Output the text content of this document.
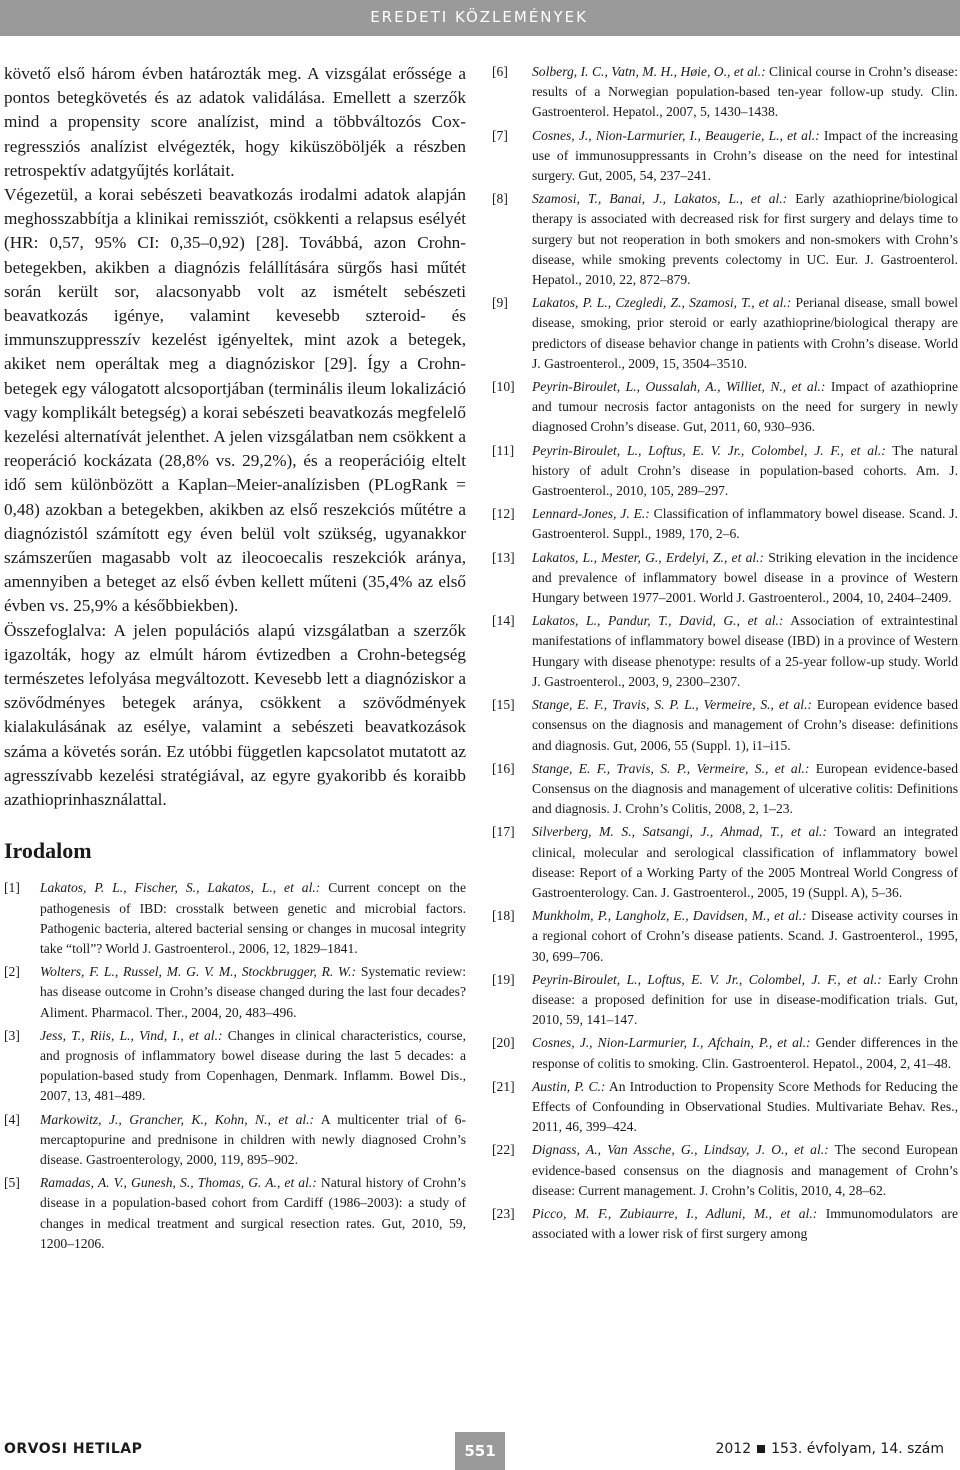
EREDETI KÖZLEMÉNYEK

követő első három évben határozták meg. A vizsgálat erőssége a pontos betegkövetés és az adatok validálása. Emellett a szerzők mind a propensity score analízist, mind a többváltozós Cox-regressziós analízist elvégezték, hogy kiküszöböljék a részben retrospektív adatgyűjtés korlátait.

Végezetül, a korai sebészeti beavatkozás irodalmi adatok alapján meghosszabbítja a klinikai remissziót, csökkenti a relapsus esélyét (HR: 0,57, 95% CI: 0,35–0,92) [28]. Továbbá, azon Crohn-betegekben, akikben a diagnózis felállítására sürgős hasi műtét során került sor, alacsonyabb volt az ismételt sebészeti beavatkozás igénye, valamint kevesebb szteroid- és immunszuppresszív kezelést igényeltek, mint azok a betegek, akiket nem operáltak meg a diagnóziskor [29]. Így a Crohn-betegek egy válogatott alcsoportjában (terminális ileum lokalizáció vagy komplikált betegség) a korai sebészeti beavatkozás megfelelő kezelési alternatívát jelenthet. A jelen vizsgálatban nem csökkent a reoperáció kockázata (28,8% vs. 29,2%), és a reoperációig eltelt idő sem különbözött a Kaplan–Meier-analízisben (PLogRank = 0,48) azokban a betegekben, akikben az első reszekciós műtétre a diagnózistól számított egy éven belül volt szükség, ugyanakkor számszerűen magasabb volt az ileocoecalis reszekciók aránya, amennyiben a beteget az első évben kellett műteni (35,4% az első évben vs. 25,9% a későbbiekben).

Összefoglalva: A jelen populációs alapú vizsgálatban a szerzők igazolták, hogy az elmúlt három évtizedben a Crohn-betegség természetes lefolyása megváltozott. Kevesebb lett a diagnóziskor a szövődményes betegek aránya, csökkent a szövődmények kialakulásának az esélye, valamint a sebészeti beavatkozások száma a követés során. Ez utóbbi független kapcsolatot mutatott az agresszívabb kezelési stratégiával, az egyre gyakoribb és koraibb azathioprinhasználattal.

Irodalom
[1] Lakatos, P. L., Fischer, S., Lakatos, L., et al.: Current concept on the pathogenesis of IBD: crosstalk between genetic and microbial factors. Pathogenic bacteria, altered bacterial sensing or changes in mucosal integrity take “toll”? World J. Gastroenterol., 2006, 12, 1829–1841.
[2] Wolters, F. L., Russel, M. G. V. M., Stockbrugger, R. W.: Systematic review: has disease outcome in Crohn’s disease changed during the last four decades? Aliment. Pharmacol. Ther., 2004, 20, 483–496.
[3] Jess, T., Riis, L., Vind, I., et al.: Changes in clinical characteristics, course, and prognosis of inflammatory bowel disease during the last 5 decades: a population-based study from Copenhagen, Denmark. Inflamm. Bowel Dis., 2007, 13, 481–489.
[4] Markowitz, J., Grancher, K., Kohn, N., et al.: A multicenter trial of 6-mercaptopurine and prednisone in children with newly diagnosed Crohn’s disease. Gastroenterology, 2000, 119, 895–902.
[5] Ramadas, A. V., Gunesh, S., Thomas, G. A., et al.: Natural history of Crohn’s disease in a population-based cohort from Cardiff (1986–2003): a study of changes in medical treatment and surgical resection rates. Gut, 2010, 59, 1200–1206.
[6] Solberg, I. C., Vatn, M. H., Høie, O., et al.: Clinical course in Crohn’s disease: results of a Norwegian population-based ten-year follow-up study. Clin. Gastroenterol. Hepatol., 2007, 5, 1430–1438.
[7] Cosnes, J., Nion-Larmurier, I., Beaugerie, L., et al.: Impact of the increasing use of immunosuppressants in Crohn’s disease on the need for intestinal surgery. Gut, 2005, 54, 237–241.
[8] Szamosi, T., Banai, J., Lakatos, L., et al.: Early azathioprine/biological therapy is associated with decreased risk for first surgery and delays time to surgery but not reoperation in both smokers and non-smokers with Crohn’s disease, while smoking prevents colectomy in UC. Eur. J. Gastroenterol. Hepatol., 2010, 22, 872–879.
[9] Lakatos, P. L., Czegledi, Z., Szamosi, T., et al.: Perianal disease, small bowel disease, smoking, prior steroid or early azathioprine/biological therapy are predictors of disease behavior change in patients with Crohn’s disease. World J. Gastroenterol., 2009, 15, 3504–3510.
[10] Peyrin-Biroulet, L., Oussalah, A., Williet, N., et al.: Impact of azathioprine and tumour necrosis factor antagonists on the need for surgery in newly diagnosed Crohn’s disease. Gut, 2011, 60, 930–936.
[11] Peyrin-Biroulet, L., Loftus, E. V. Jr., Colombel, J. F., et al.: The natural history of adult Crohn’s disease in population-based cohorts. Am. J. Gastroenterol., 2010, 105, 289–297.
[12] Lennard-Jones, J. E.: Classification of inflammatory bowel disease. Scand. J. Gastroenterol. Suppl., 1989, 170, 2–6.
[13] Lakatos, L., Mester, G., Erdelyi, Z., et al.: Striking elevation in the incidence and prevalence of inflammatory bowel disease in a province of Western Hungary between 1977–2001. World J. Gastroenterol., 2004, 10, 2404–2409.
[14] Lakatos, L., Pandur, T., David, G., et al.: Association of extraintestinal manifestations of inflammatory bowel disease (IBD) in a province of Western Hungary with disease phenotype: results of a 25-year follow-up study. World J. Gastroenterol., 2003, 9, 2300–2307.
[15] Stange, E. F., Travis, S. P. L., Vermeire, S., et al.: European evidence based consensus on the diagnosis and management of Crohn’s disease: definitions and diagnosis. Gut, 2006, 55 (Suppl. 1), i1–i15.
[16] Stange, E. F., Travis, S. P., Vermeire, S., et al.: European evidence-based Consensus on the diagnosis and management of ulcerative colitis: Definitions and diagnosis. J. Crohn’s Colitis, 2008, 2, 1–23.
[17] Silverberg, M. S., Satsangi, J., Ahmad, T., et al.: Toward an integrated clinical, molecular and serological classification of inflammatory bowel disease: Report of a Working Party of the 2005 Montreal World Congress of Gastroenterology. Can. J. Gastroenterol., 2005, 19 (Suppl. A), 5–36.
[18] Munkholm, P., Langholz, E., Davidsen, M., et al.: Disease activity courses in a regional cohort of Crohn’s disease patients. Scand. J. Gastroenterol., 1995, 30, 699–706.
[19] Peyrin-Biroulet, L., Loftus, E. V. Jr., Colombel, J. F., et al.: Early Crohn disease: a proposed definition for use in disease-modification trials. Gut, 2010, 59, 141–147.
[20] Cosnes, J., Nion-Larmurier, I., Afchain, P., et al.: Gender differences in the response of colitis to smoking. Clin. Gastroenterol. Hepatol., 2004, 2, 41–48.
[21] Austin, P. C.: An Introduction to Propensity Score Methods for Reducing the Effects of Confounding in Observational Studies. Multivariate Behav. Res., 2011, 46, 399–424.
[22] Dignass, A., Van Assche, G., Lindsay, J. O., et al.: The second European evidence-based consensus on the diagnosis and management of Crohn’s disease: Current management. J. Crohn’s Colitis, 2010, 4, 28–62.
[23] Picco, M. F., Zubiaurre, I., Adluni, M., et al.: Immunomodulators are associated with a lower risk of first surgery among
ORVOSI HETILAP	551	2012 153. évfolyam, 14. szám
